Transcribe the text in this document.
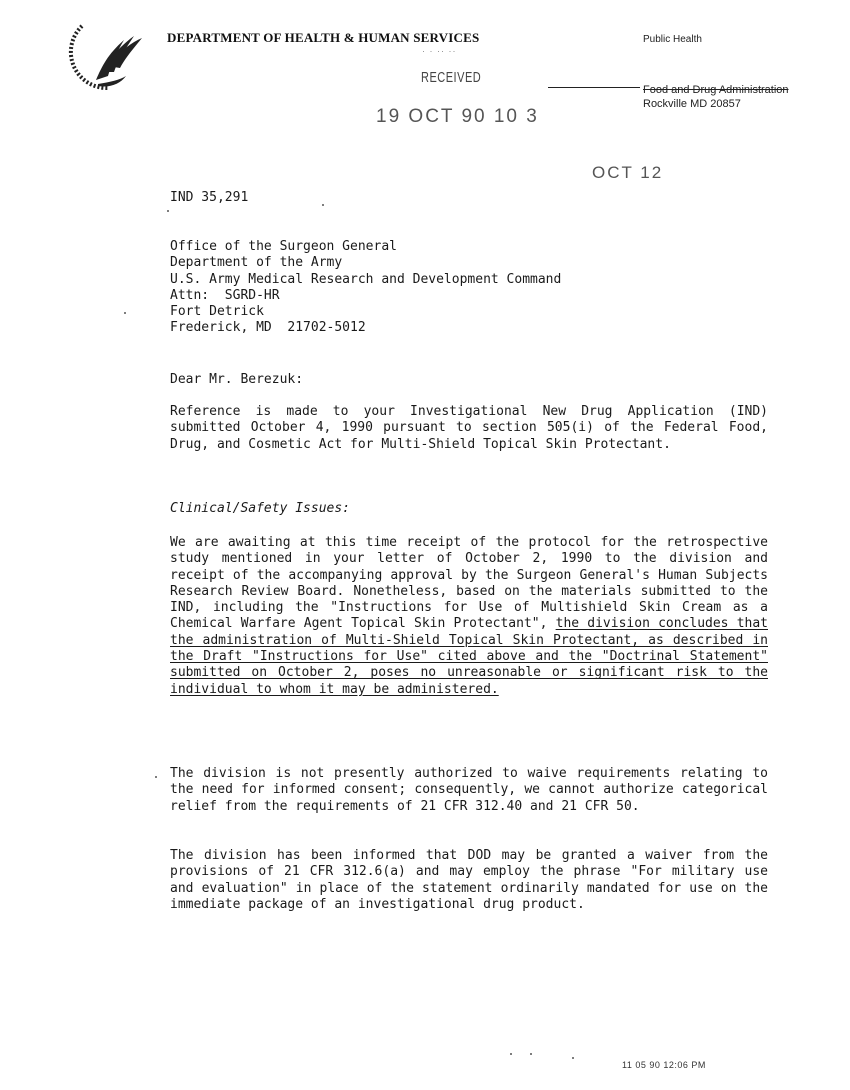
DEPARTMENT OF HEALTH & HUMAN SERVICES	Public Health
Food and Drug Administration
Rockville MD 20857
· · ·· ··
RECEIVED
19 OCT 90 10 3
OCT 12
IND 35,291
Office of the Surgeon General
Department of the Army
U.S. Army Medical Research and Development Command
Attn:  SGRD-HR
Fort Detrick
Frederick, MD  21702-5012
Dear Mr. Berezuk:
Reference is made to your Investigational New Drug Application (IND) submitted October 4, 1990 pursuant to section 505(i) of the Federal Food, Drug, and Cosmetic Act for Multi-Shield Topical Skin Protectant.
Clinical/Safety Issues:
We are awaiting at this time receipt of the protocol for the retrospective study mentioned in your letter of October 2, 1990 to the division and receipt of the accompanying approval by the Surgeon General's Human Subjects Research Review Board. Nonetheless, based on the materials submitted to the IND, including the "Instructions for Use of Multishield Skin Cream as a Chemical Warfare Agent Topical Skin Protectant", the division concludes that the administration of Multi-Shield Topical Skin Protectant, as described in the Draft "Instructions for Use" cited above and the "Doctrinal Statement" submitted on October 2, poses no unreasonable or significant risk to the individual to whom it may be administered.
The division is not presently authorized to waive requirements relating to the need for informed consent; consequently, we cannot authorize categorical relief from the requirements of 21 CFR 312.40 and 21 CFR 50.
The division has been informed that DOD may be granted a waiver from the provisions of 21 CFR 312.6(a) and may employ the phrase "For military use and evaluation" in place of the statement ordinarily mandated for use on the immediate package of an investigational drug product.
11 05 90 12:06 PM
